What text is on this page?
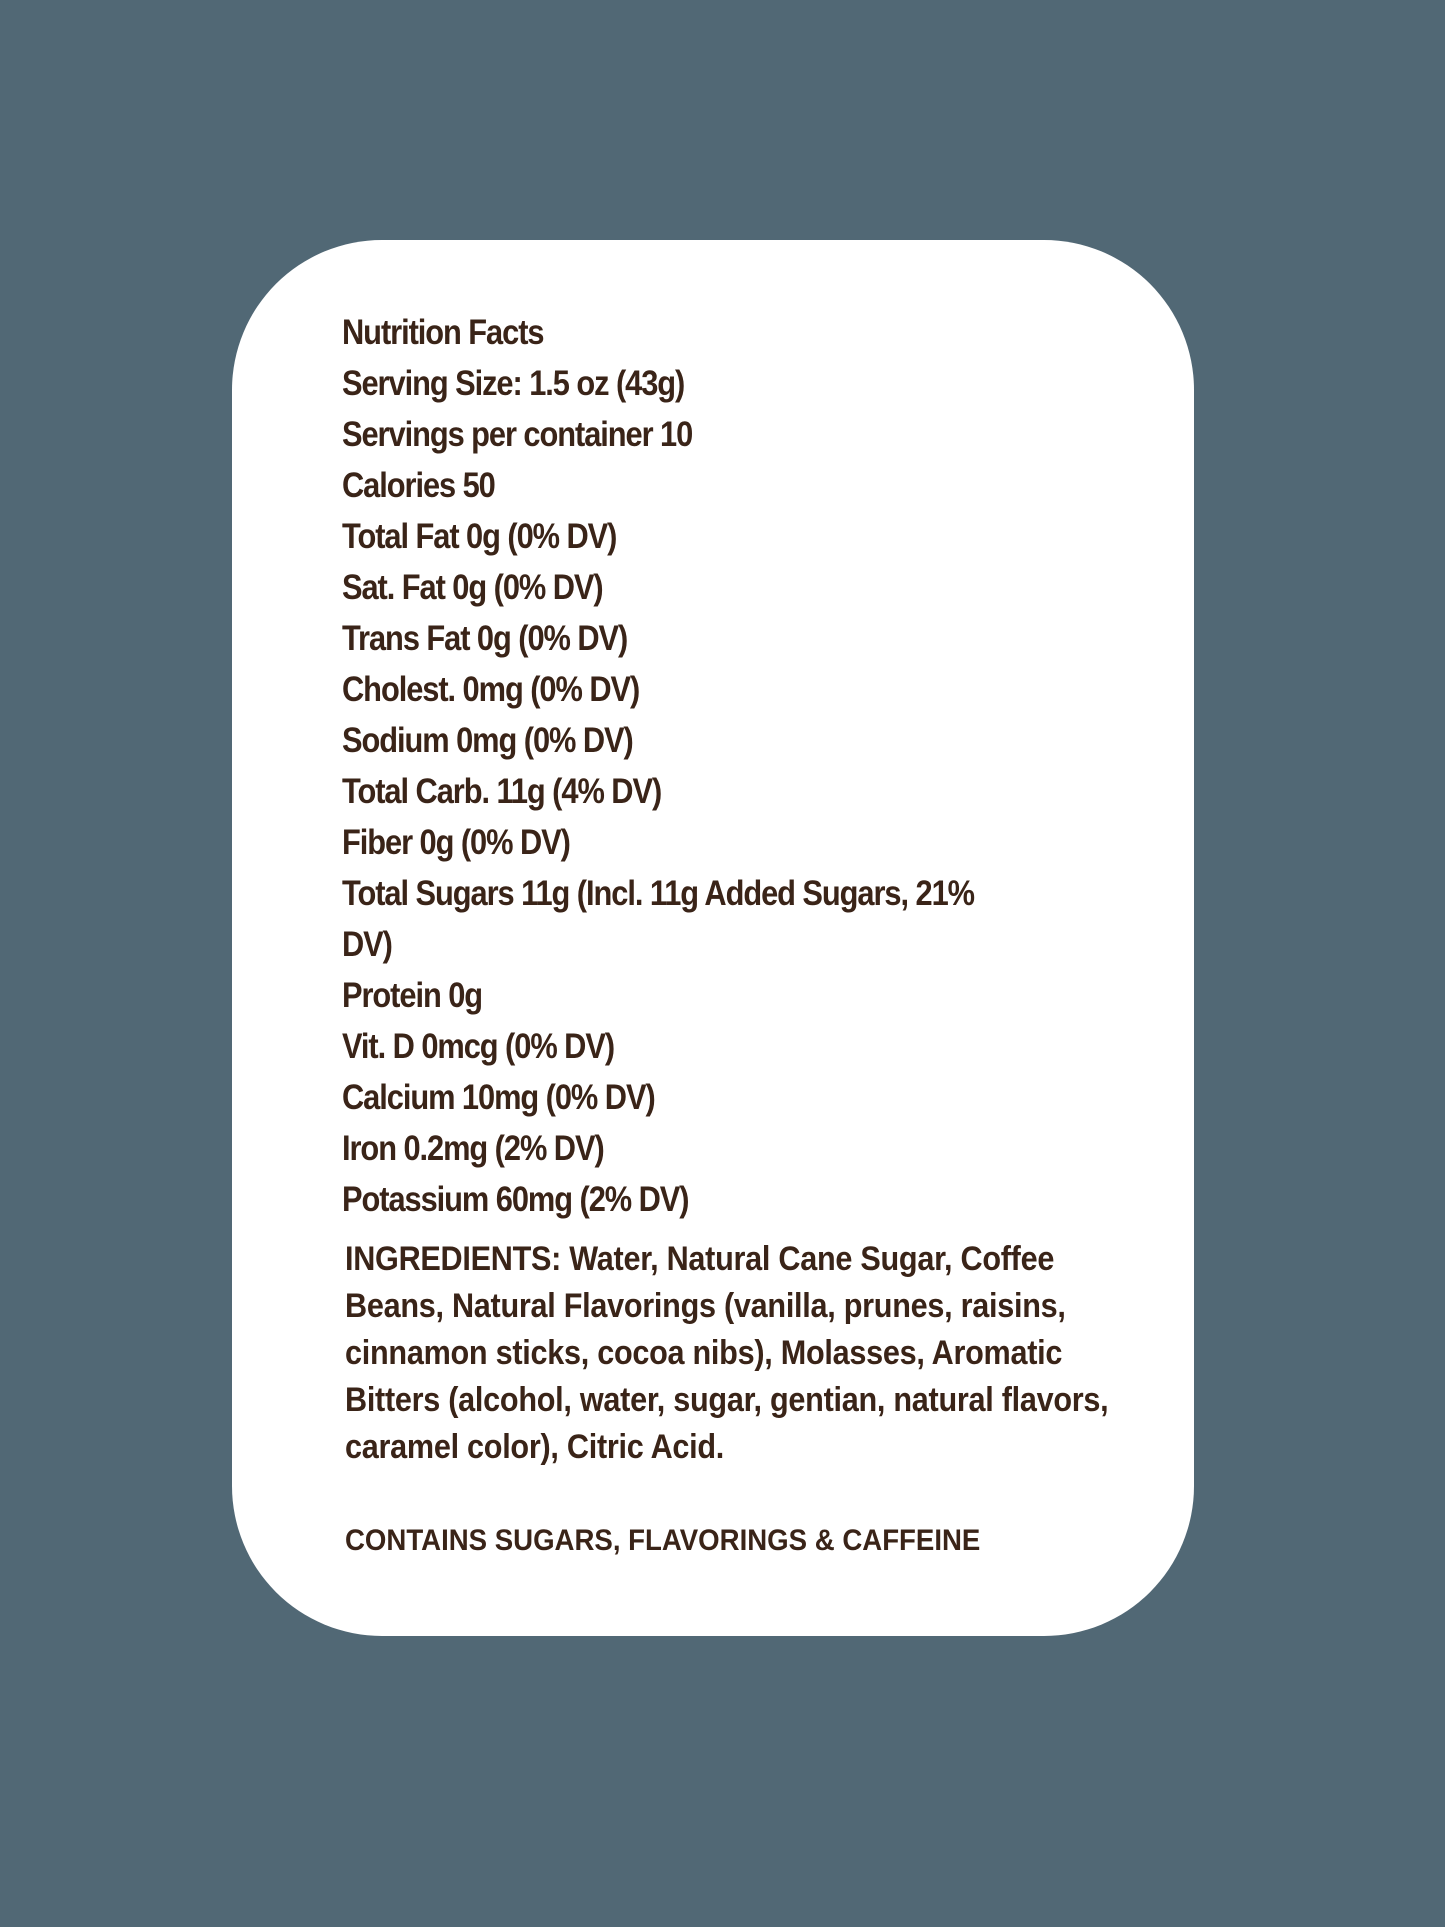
Nutrition Facts
Serving Size: 1.5 oz (43g)
Servings per container 10
Calories 50
Total Fat 0g (0% DV)
Sat. Fat 0g (0% DV)
Trans Fat 0g (0% DV)
Cholest. 0mg (0% DV)
Sodium 0mg (0% DV)
Total Carb. 11g (4% DV)
Fiber 0g (0% DV)
Total Sugars 11g (Incl. 11g Added Sugars, 21% DV)
Protein 0g
Vit. D 0mcg (0% DV)
Calcium 10mg (0% DV)
Iron 0.2mg (2% DV)
Potassium 60mg (2% DV)
INGREDIENTS: Water, Natural Cane Sugar, Coffee Beans, Natural Flavorings (vanilla, prunes, raisins, cinnamon sticks, cocoa nibs), Molasses, Aromatic Bitters (alcohol, water, sugar, gentian, natural flavors, caramel color), Citric Acid.
CONTAINS SUGARS, FLAVORINGS & CAFFEINE
